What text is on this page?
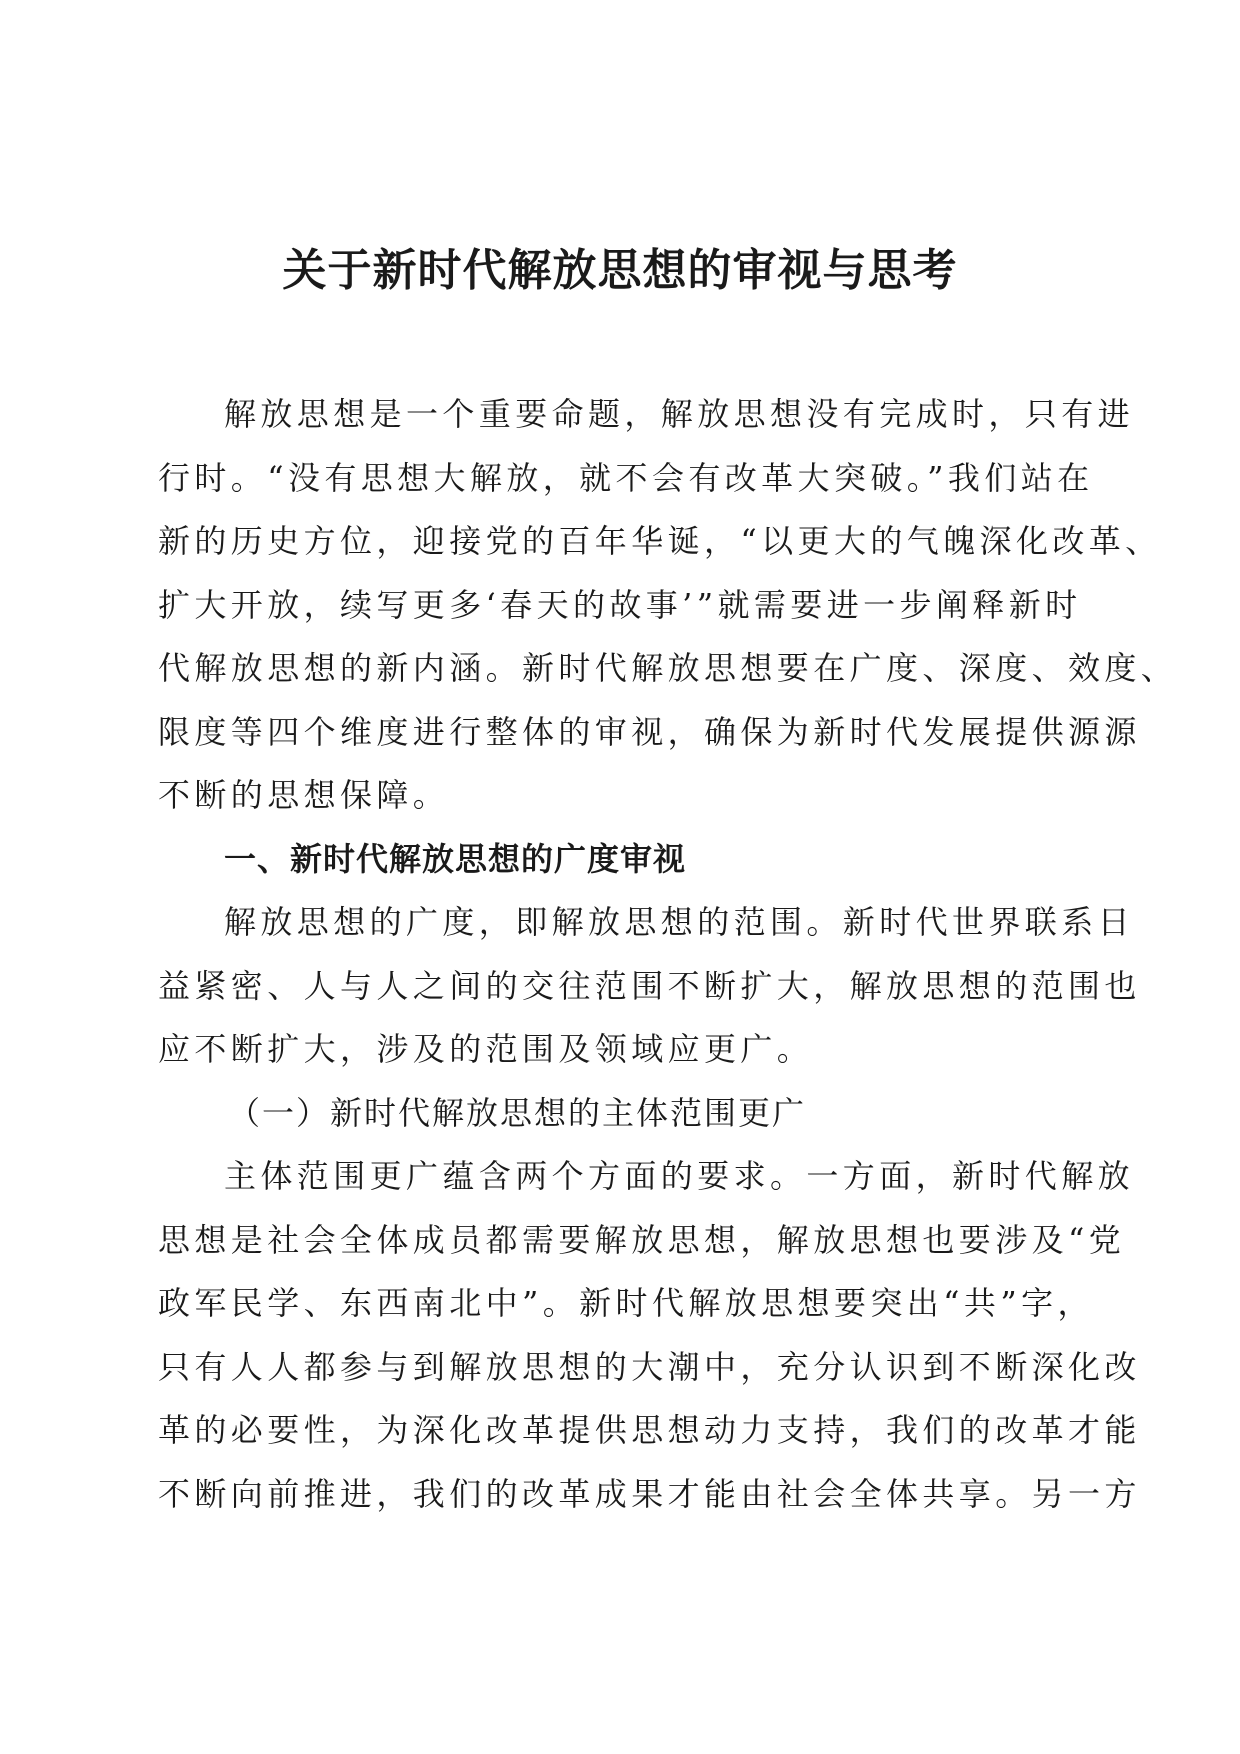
关于新时代解放思想的审视与思考
解放思想是一个重要命题，解放思想没有完成时，只有进
行时。“没有思想大解放，就不会有改革大突破。”我们站在
新的历史方位，迎接党的百年华诞，“以更大的气魄深化改革、
扩大开放，续写更多‘春天的故事’”就需要进一步阐释新时
代解放思想的新内涵。新时代解放思想要在广度、深度、效度、
限度等四个维度进行整体的审视，确保为新时代发展提供源源
不断的思想保障。
一、新时代解放思想的广度审视
解放思想的广度，即解放思想的范围。新时代世界联系日
益紧密、人与人之间的交往范围不断扩大，解放思想的范围也
应不断扩大，涉及的范围及领域应更广。
（一）新时代解放思想的主体范围更广
主体范围更广蕴含两个方面的要求。一方面，新时代解放
思想是社会全体成员都需要解放思想，解放思想也要涉及“党
政军民学、东西南北中”。新时代解放思想要突出“共”字，
只有人人都参与到解放思想的大潮中，充分认识到不断深化改
革的必要性，为深化改革提供思想动力支持，我们的改革才能
不断向前推进，我们的改革成果才能由社会全体共享。另一方
